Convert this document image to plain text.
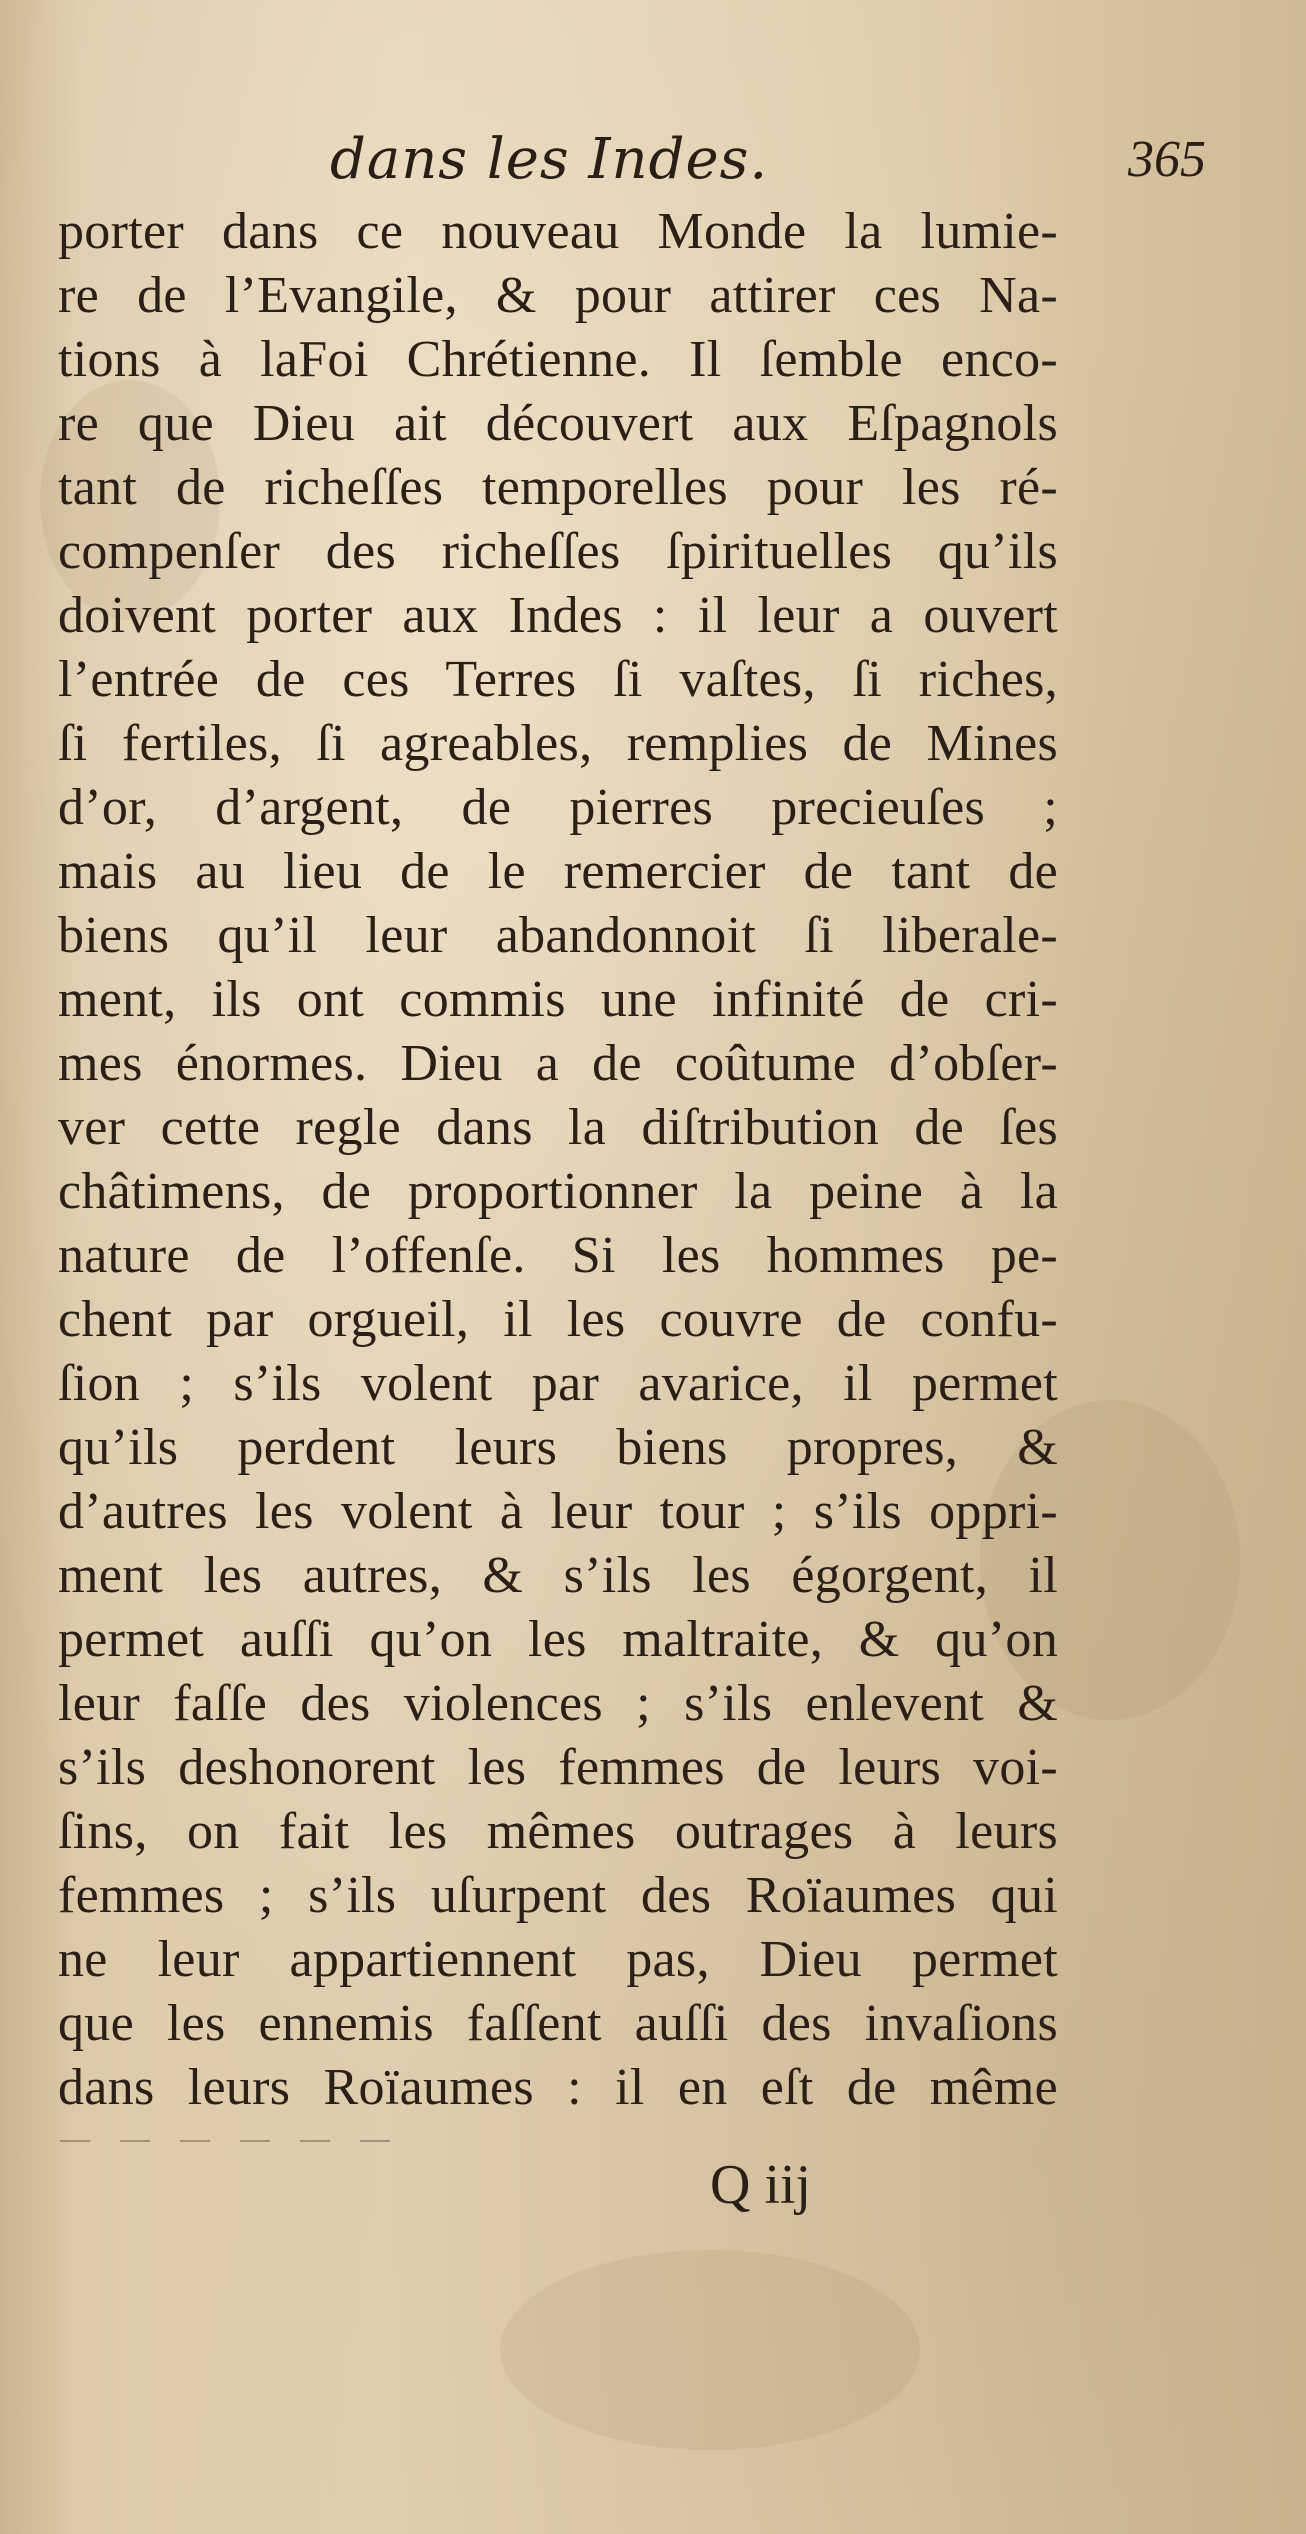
dans les Indes.	365
porter dans ce nouveau Monde la lumie-
re de l’Evangile, & pour attirer ces Na-
tions à laFoi Chrétienne. Il ſemble enco-
re que Dieu ait découvert aux Eſpagnols
tant de richeſſes temporelles pour les ré-
compenſer des richeſſes ſpirituelles qu’ils
doivent porter aux Indes : il leur a ouvert
l’entrée de ces Terres ſi vaſtes, ſi riches,
ſi fertiles, ſi agreables, remplies de Mines
d’or, d’argent, de pierres precieuſes ;
mais au lieu de le remercier de tant de
biens qu’il leur abandonnoit ſi liberale-
ment, ils ont commis une infinité de cri-
mes énormes. Dieu a de coûtume d’obſer-
ver cette regle dans la diſtribution de ſes
châtimens, de proportionner la peine à la
nature de l’offenſe. Si les hommes pe-
chent par orgueil, il les couvre de confu-
ſion ; s’ils volent par avarice, il permet
qu’ils perdent leurs biens propres, &
d’autres les volent à leur tour ; s’ils oppri-
ment les autres, & s’ils les égorgent, il
permet auſſi qu’on les maltraite, & qu’on
leur faſſe des violences ; s’ils enlevent &
s’ils deshonorent les femmes de leurs voi-
ſins, on fait les mêmes outrages à leurs
femmes ; s’ils uſurpent des Roïaumes qui
ne leur appartiennent pas, Dieu permet
que les ennemis faſſent auſſi des invaſions
dans leurs Roïaumes : il en eſt de même
Q iij
